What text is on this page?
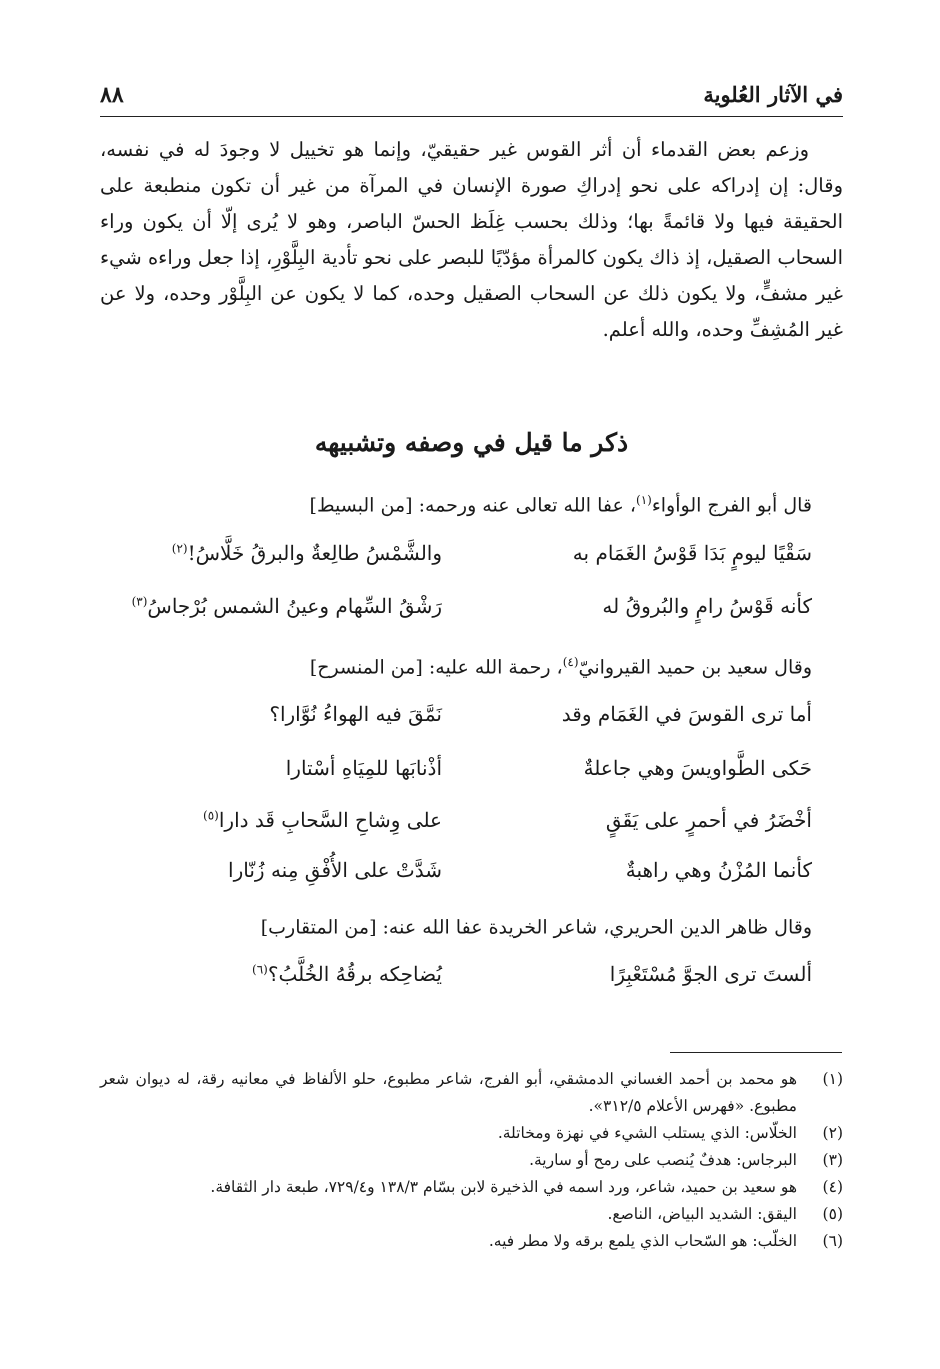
في الآثار العُلوية
٨٨

وزعم بعض القدماء أن أثر القوس غير حقيقيّ، وإنما هو تخييل لا وجودَ له في نفسه، وقال: إن إدراكه على نحو إدراكِ صورة الإنسان في المرآة من غير أن تكون منطبعة على الحقيقة فيها ولا قائمةً بها؛ وذلك بحسب غِلَظ الحسّ الباصر، وهو لا يُرى إلّا أن يكون وراء السحاب الصقيل، إذ ذاك يكون كالمرأة مؤدّيًا للبصر على نحو تأدية البِلَّوْرِ، إذا جعل وراءه شيء غير مشفٍّ، ولا يكون ذلك عن السحاب الصقيل وحده، كما لا يكون عن البِلَّوْر وحده، ولا عن غير المُشِفِّ وحده، والله أعلم.

ذكر ما قيل في وصفه وتشبيهه
قال أبو الفرج الوأواء$^{(١)}$، عفا الله تعالى عنه ورحمه: [من البسيط]
سَقْيًا ليومٍ بَدَا قَوْسُ الغَمَام به
والشَّمْسُ طالِعةٌ والبرقُ خَلَّاسُ!$^{(٢)}$
كأنه قَوْسُ رامٍ والبُروقُ له
رَشْقُ السِّهام وعينُ الشمس بُرْجاسُ$^{(٣)}$
وقال سعيد بن حميد القيروانيّ$^{(٤)}$، رحمة الله عليه: [من المنسرح]
أما ترى القوسَ في الغَمَام وقد
نَمَّقَ فيه الهواءُ نُوَّارا؟
حَكى الطَّواويسَ وهي جاعلةٌ
أذْنابَها للمِيَاهِ أسْتارا
أخْضَرُ في أحمرٍ على يَقَقٍ
على وِشاحِ السَّحابِ قَد دارا$^{(٥)}$
كأنما المُزْنُ وهي راهبةٌ
شَدَّتْ على الأُفْقِ مِنه زُنّارا
وقال ظاهر الدين الحريري، شاعر الخريدة عفا الله عنه: [من المتقارب]
ألستَ ترى الجوَّ مُسْتَعْبِرًا
يُضاحِكه برقُهُ الخُلَّبُ؟$^{(٦)}$
(١)
هو محمد بن أحمد الغساني الدمشقي، أبو الفرج، شاعر مطبوع، حلو الألفاظ في معانيه رقة، له ديوان شعر مطبوع. «فهرس الأعلام ٣١٢/٥».
(٢)
الخلّاس: الذي يستلب الشيء في نهزة ومخاتلة.
(٣)
البرجاس: هدفٌ يُنصب على رمح أو سارية.
(٤)
هو سعيد بن حميد، شاعر، ورد اسمه في الذخيرة لابن بسّام ١٣٨/٣ و٧٢٩/٤، طبعة دار الثقافة.
(٥)
اليقق: الشديد البياض، الناصع.
(٦)
الخلّب: هو السّحاب الذي يلمع برقه ولا مطر فيه.
